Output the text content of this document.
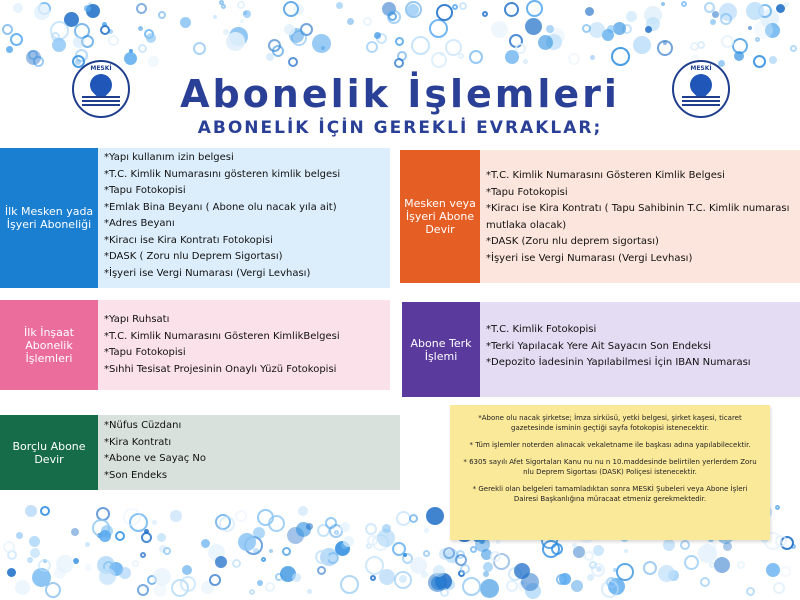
MESKİ	MESKİ
Abonelik İşlemleri
ABONELİK İÇİN GEREKLİ EVRAKLAR;
İlk Mesken yada İşyeri Aboneliği
* Yapı kullanım izin belgesi
* T.C. Kimlik Numarasını gösteren kimlik belgesi
* Tapu Fotokopisi
* Emlak Bina Beyanı ( Abone olu nacak yıla ait)
* Adres Beyanı
* Kiracı ise Kira Kontratı Fotokopisi
* DASK ( Zoru nlu Deprem Sigortası)
* İşyeri ise Vergi Numarası (Vergi Levhası)
Mesken veya İşyeri Abone Devir
* T.C. Kimlik Numarasını Gösteren Kimlik Belgesi
* Tapu Fotokopisi
* Kiracı ise Kira Kontratı ( Tapu Sahibinin T.C. Kimlik numarası mutlaka olacak)
* DASK (Zoru nlu deprem sigortası)
* İşyeri ise Vergi Numarası (Vergi Levhası)
İlk İnşaat Abonelik İşlemleri
* Yapı Ruhsatı
* T.C. Kimlik Numarasını Gösteren KimlikBelgesi
* Tapu Fotokopisi
* Sıhhi Tesisat Projesinin Onaylı Yüzü Fotokopisi
Abone Terk İşlemi
* T.C. Kimlik Fotokopisi
* Terki Yapılacak Yere Ait Sayacın Son Endeksi
* Depozito İadesinin Yapılabilmesi İçin IBAN Numarası
Borçlu Abone Devir
* Nüfus Cüzdanı
* Kira Kontratı
* Abone ve Sayaç No
* Son Endeks

*Abone olu nacak şirketse; İmza sirküsü, yetki belgesi, şirket kaşesi, ticaret gazetesinde isminin geçtiği sayfa fotokopisi istenecektir.

* Tüm işlemler noterden alınacak vekaletname ile başkası adına yapılabilecektir.

* 6305 sayılı Afet Sigortaları Kanu nu nu n 10.maddesinde belirtilen yerlerdem Zoru nlu Deprem Sigortası (DASK) Poliçesi istenecektir.

* Gerekli olan belgeleri tamamladıktan sonra MESKİ Şubeleri veya Abone İşleri Dairesi Başkanlığına müracaat etmeniz gerekmektedir.
